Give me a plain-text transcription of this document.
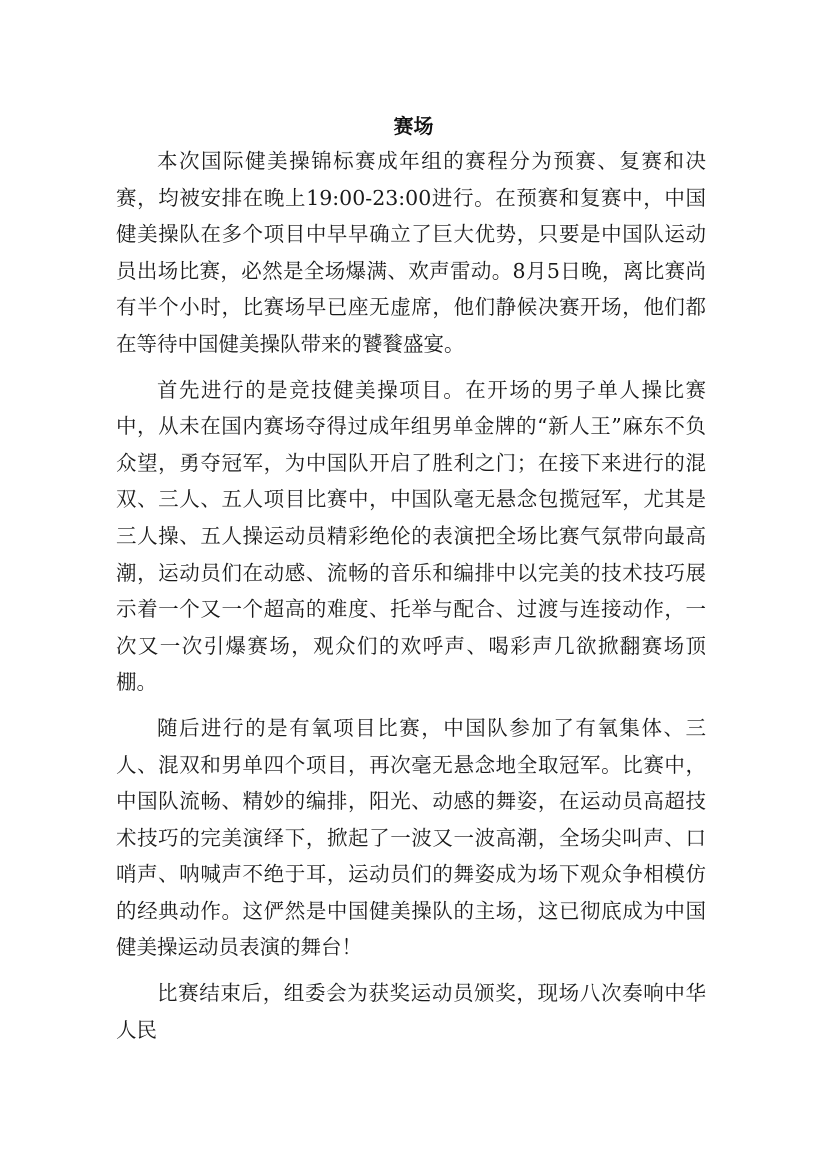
赛场

本次国际健美操锦标赛成年组的赛程分为预赛、复赛和决赛，均被安排在晚上19:00-23:00进行。在预赛和复赛中，中国健美操队在多个项目中早早确立了巨大优势，只要是中国队运动员出场比赛，必然是全场爆满、欢声雷动。8月5日晚，离比赛尚有半个小时，比赛场早已座无虚席，他们静候决赛开场，他们都在等待中国健美操队带来的饕餮盛宴。

首先进行的是竞技健美操项目。在开场的男子单人操比赛中，从未在国内赛场夺得过成年组男单金牌的“新人王”麻东不负众望，勇夺冠军，为中国队开启了胜利之门；在接下来进行的混双、三人、五人项目比赛中，中国队毫无悬念包揽冠军，尤其是三人操、五人操运动员精彩绝伦的表演把全场比赛气氛带向最高潮，运动员们在动感、流畅的音乐和编排中以完美的技术技巧展示着一个又一个超高的难度、托举与配合、过渡与连接动作，一次又一次引爆赛场，观众们的欢呼声、喝彩声几欲掀翻赛场顶棚。

随后进行的是有氧项目比赛，中国队参加了有氧集体、三人、混双和男单四个项目，再次毫无悬念地全取冠军。比赛中，中国队流畅、精妙的编排，阳光、动感的舞姿，在运动员高超技术技巧的完美演绎下，掀起了一波又一波高潮，全场尖叫声、口哨声、呐喊声不绝于耳，运动员们的舞姿成为场下观众争相模仿的经典动作。这俨然是中国健美操队的主场，这已彻底成为中国健美操运动员表演的舞台！

比赛结束后，组委会为获奖运动员颁奖，现场八次奏响中华人民
